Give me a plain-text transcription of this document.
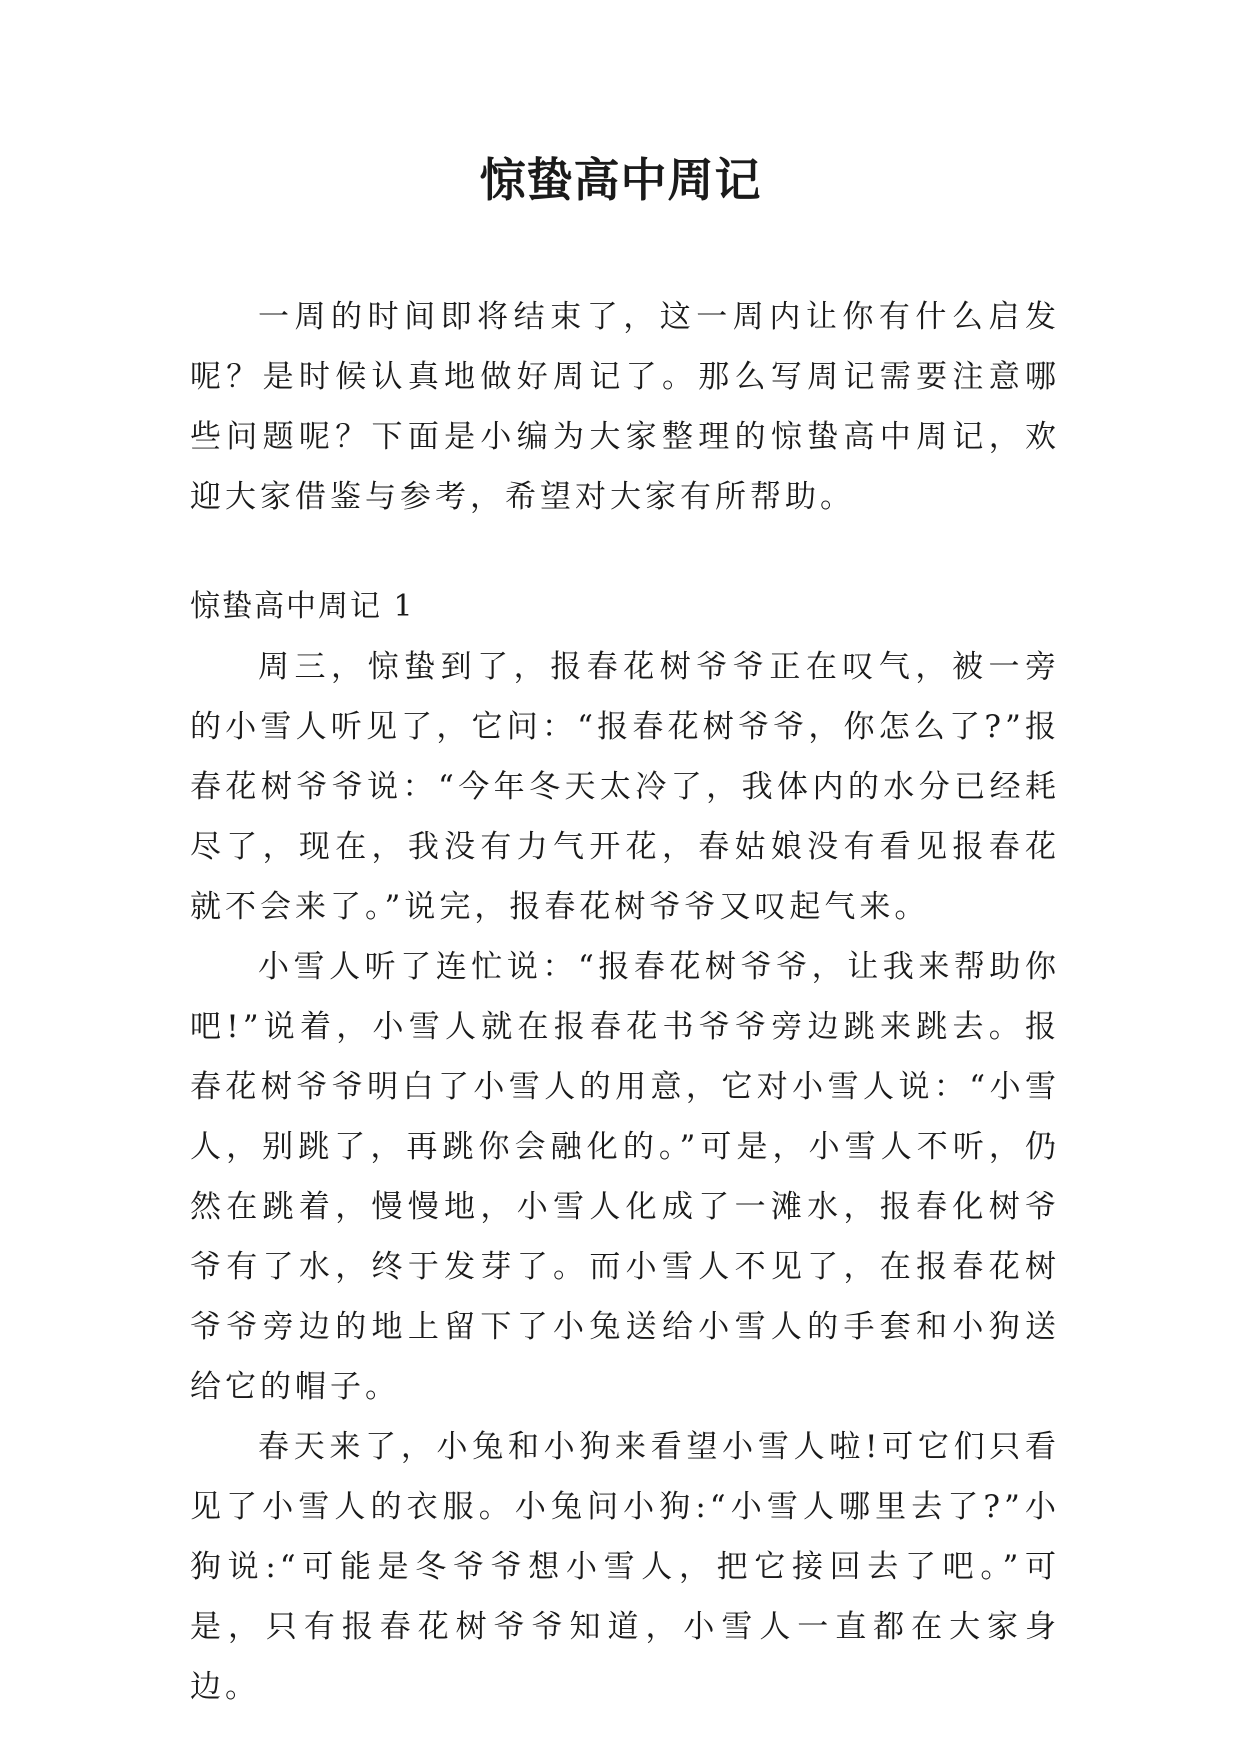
惊蛰高中周记

一周的时间即将结束了，这一周内让你有什么启发呢？是时候认真地做好周记了。那么写周记需要注意哪些问题呢？下面是小编为大家整理的惊蛰高中周记，欢迎大家借鉴与参考，希望对大家有所帮助。

惊蛰高中周记 1

周三，惊蛰到了，报春花树爷爷正在叹气，被一旁的小雪人听见了，它问：“报春花树爷爷，你怎么了?”报春花树爷爷说：“今年冬天太冷了，我体内的水分已经耗尽了，现在，我没有力气开花，春姑娘没有看见报春花就不会来了。”说完，报春花树爷爷又叹起气来。

小雪人听了连忙说：“报春花树爷爷，让我来帮助你吧!”说着，小雪人就在报春花书爷爷旁边跳来跳去。报春花树爷爷明白了小雪人的用意，它对小雪人说：“小雪人，别跳了，再跳你会融化的。”可是，小雪人不听，仍然在跳着，慢慢地，小雪人化成了一滩水，报春化树爷爷有了水，终于发芽了。而小雪人不见了，在报春花树爷爷旁边的地上留下了小兔送给小雪人的手套和小狗送给它的帽子。

春天来了，小兔和小狗来看望小雪人啦!可它们只看见了小雪人的衣服。小兔问小狗:“小雪人哪里去了?”小狗说:“可能是冬爷爷想小雪人，把它接回去了吧。”可是，只有报春花树爷爷知道，小雪人一直都在大家身边。
